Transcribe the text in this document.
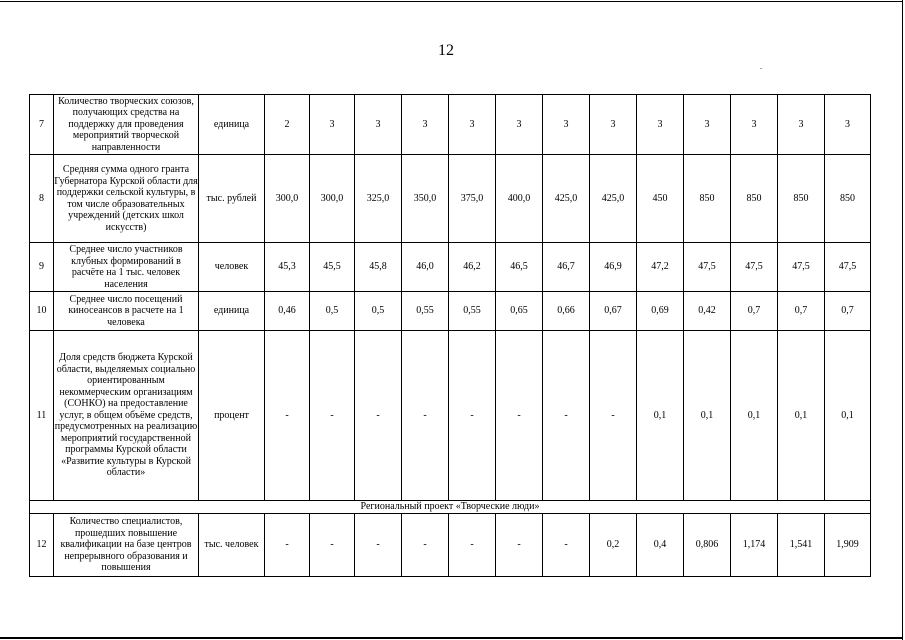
12
.
7	Количество творческих союзов, получающих средства на поддержку для проведения мероприятий творческой направленности	единица	2	3	3	3	3	3	3	3	3	3	3	3	3
8	Средняя сумма одного гранта Губернатора Курской области для поддержки сельской культуры, в том числе образовательных учреждений (детских школ искусств)	тыс. рублей	300,0	300,0	325,0	350,0	375,0	400,0	425,0	425,0	450	850	850	850	850
9	Среднее число участников клубных формирований в расчёте на 1 тыс. человек населения	человек	45,3	45,5	45,8	46,0	46,2	46,5	46,7	46,9	47,2	47,5	47,5	47,5	47,5
10	Среднее число посещений киносеансов в расчете на 1 человека	единица	0,46	0,5	0,5	0,55	0,55	0,65	0,66	0,67	0,69	0,42	0,7	0,7	0,7
11	Доля средств бюджета Курской области, выделяемых социально ориентированным некоммерческим организациям (СОНКО) на предоставление услуг, в общем объёме средств, предусмотренных на реализацию мероприятий государственной программы Курской области «Развитие культуры в Курской области»	процент	-	-	-	-	-	-	-	-	0,1	0,1	0,1	0,1	0,1
Региональный проект «Творческие люди»															
12	Количество специалистов, прошедших повышение квалификации на базе центров непрерывного образования и повышения	тыс. человек	-	-	-	-	-	-	-	0,2	0,4	0,806	1,174	1,541	1,909
